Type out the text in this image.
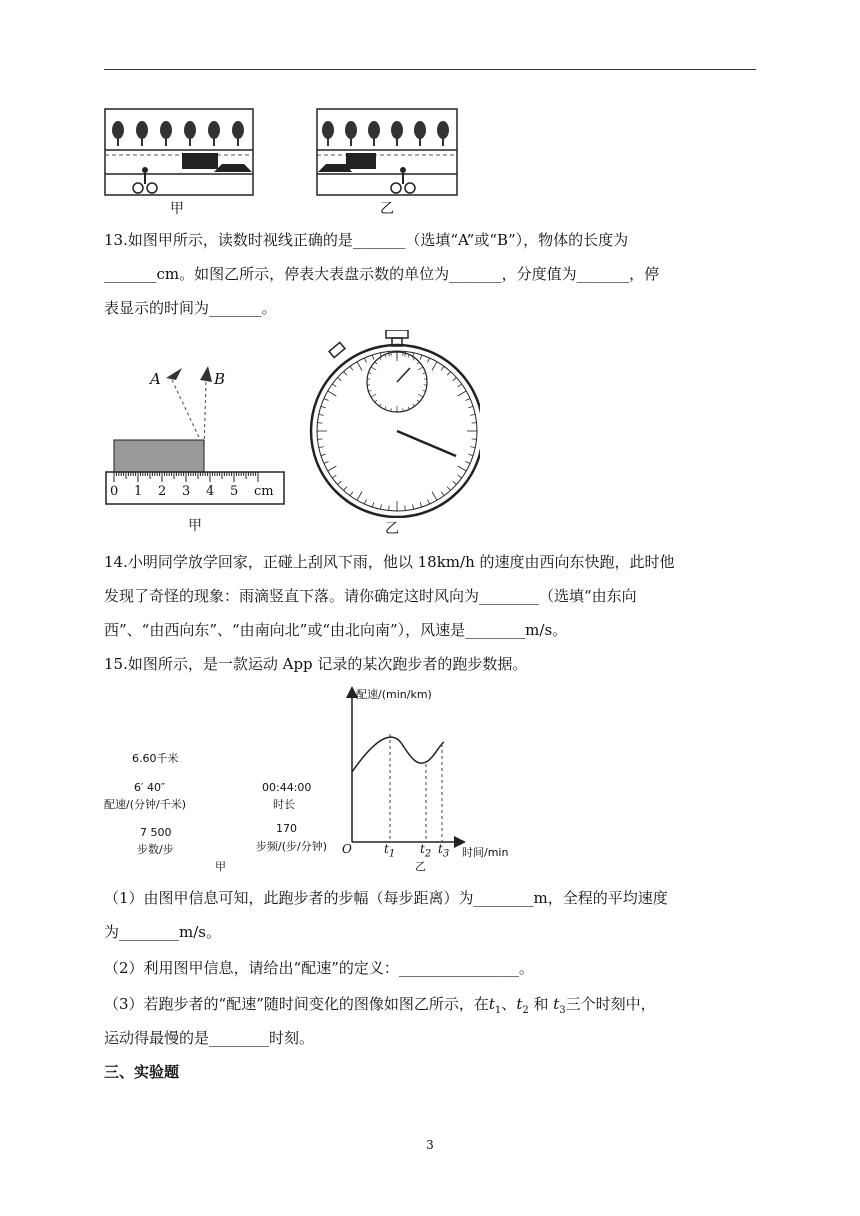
甲	乙
13.如图甲所示，读数时视线正确的是_______（选填“A”或“B”），物体的长度为
_______cm。如图乙所示，停表大表盘示数的单位为_______，分度值为_______，停
表显示的时间为_______。
A	B
0 1 2 3 4 5 cm
甲	乙
14.小明同学放学回家，正碰上刮风下雨，他以 18km/h 的速度由西向东快跑，此时他
发现了奇怪的现象：雨滴竖直下落。请你确定这时风向为________（选填“由东向
西”、“由西向东”、“由南向北”或“由北向南”），风速是________m/s。
15.如图所示，是一款运动 App 记录的某次跑步者的跑步数据。
6.60千米
6′ 40″
配速/(分钟/千米)
00:44:00
时长
7 500
步数/步
170
步频/(步/分钟)
甲
配速/(min/km)
时间/min
O	$t_1$ $t_2$ $t_3$
乙
（1）由图甲信息可知，此跑步者的步幅（每步距离）为________m，全程的平均速度
为________m/s。
（2）利用图甲信息，请给出“配速”的定义：________________。
（3）若跑步者的“配速”随时间变化的图像如图乙所示，在$t_1$、$t_2$ 和 $t_3$三个时刻中，
运动得最慢的是________时刻。
三、实验题
3
